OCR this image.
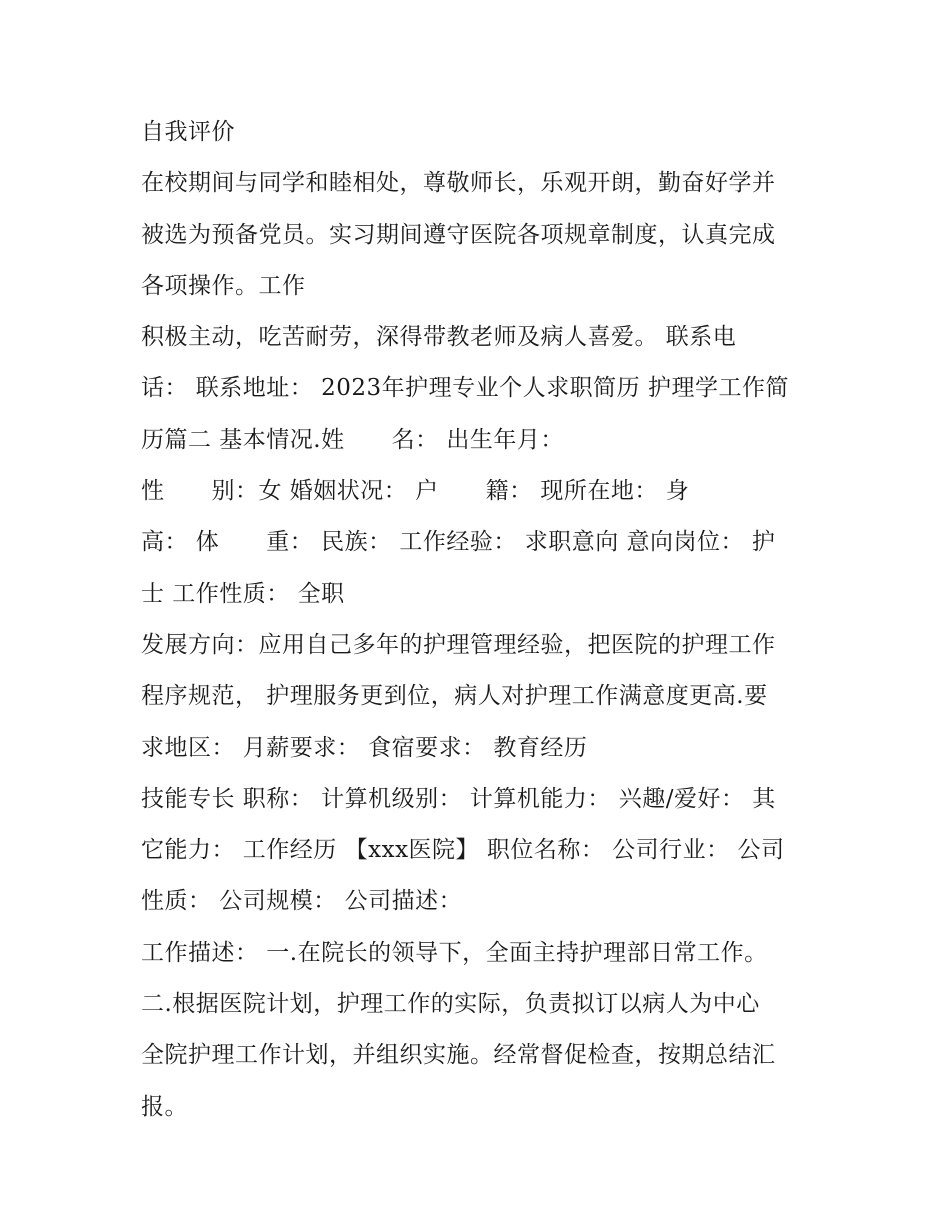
自我评价

在校期间与同学和睦相处，尊敬师长，乐观开朗，勤奋好学并

被选为预备党员。实习期间遵守医院各项规章制度，认真完成

各项操作。工作

积极主动，吃苦耐劳，深得带教老师及病人喜爱。 联系电

话： 联系地址： 2023年护理专业个人求职简历 护理学工作简

历篇二 基本情况.姓　　名： 出生年月：

性　　别：女 婚姻状况： 户　　籍： 现所在地： 身

高： 体　　重： 民族： 工作经验： 求职意向 意向岗位： 护

士 工作性质： 全职

发展方向：应用自己多年的护理管理经验，把医院的护理工作

程序规范， 护理服务更到位，病人对护理工作满意度更高.要

求地区： 月薪要求： 食宿要求： 教育经历

技能专长 职称： 计算机级别： 计算机能力： 兴趣/爱好： 其

它能力： 工作经历 【xxx医院】 职位名称： 公司行业： 公司

性质： 公司规模： 公司描述：

工作描述： 一.在院长的领导下，全面主持护理部日常工作。

二.根据医院计划，护理工作的实际，负责拟订以病人为中心

全院护理工作计划，并组织实施。经常督促检查，按期总结汇

报。
